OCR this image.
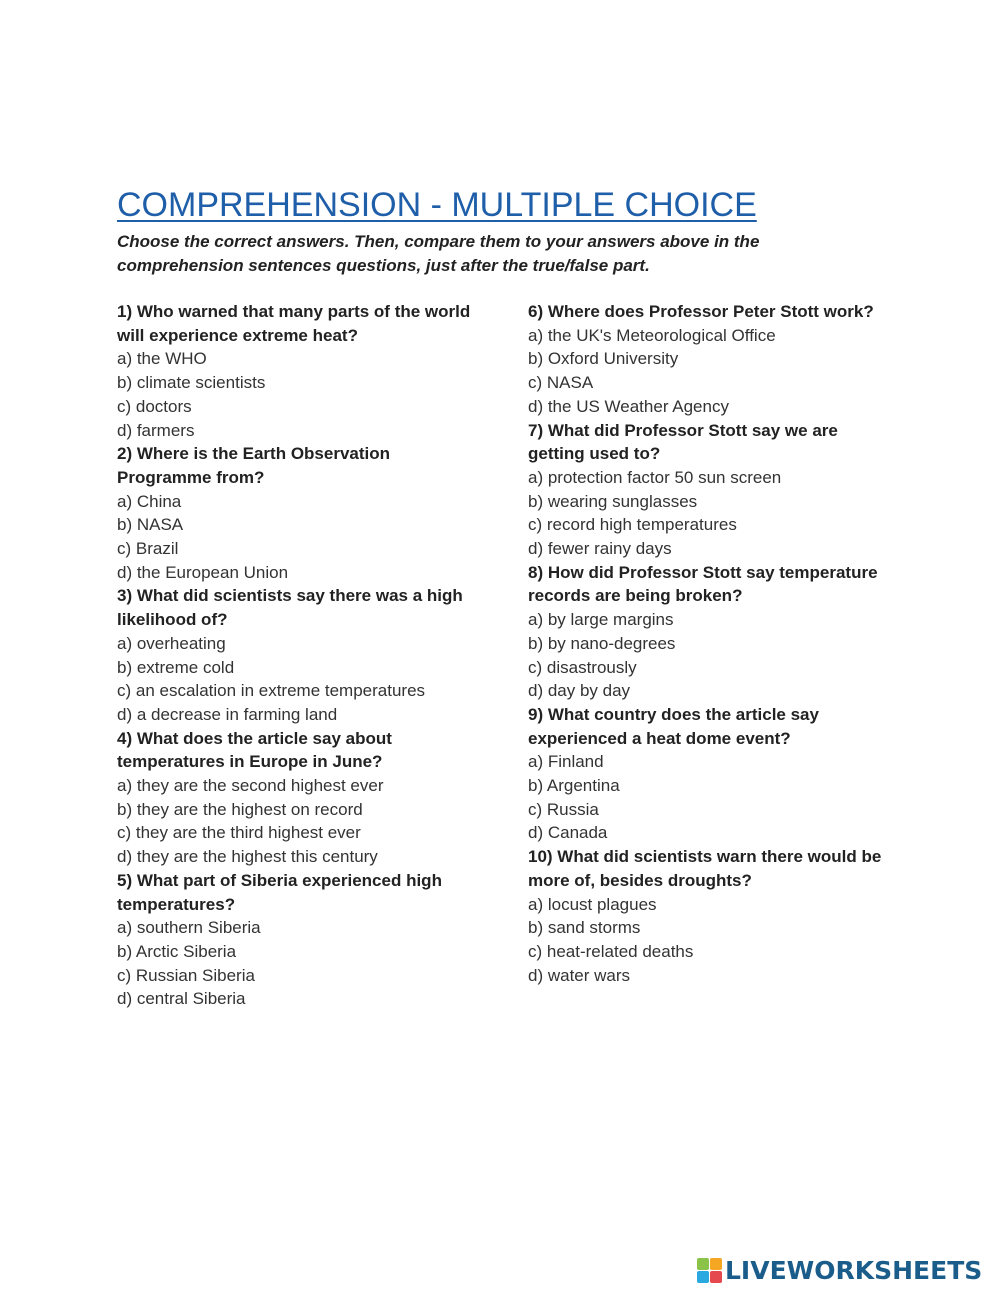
COMPREHENSION - MULTIPLE CHOICE

Choose the correct answers. Then, compare them to your answers above in the comprehension sentences questions, just after the true/false part.

1) Who warned that many parts of the world will experience extreme heat?

a) the WHO

b) climate scientists

c) doctors

d) farmers

2) Where is the Earth Observation Programme from?

a) China

b) NASA

c) Brazil

d) the European Union

3) What did scientists say there was a high likelihood of?

a) overheating

b) extreme cold

c) an escalation in extreme temperatures

d) a decrease in farming land

4) What does the article say about temperatures in Europe in June?

a) they are the second highest ever

b) they are the highest on record

c) they are the third highest ever

d) they are the highest this century

5) What part of Siberia experienced high temperatures?

a) southern Siberia

b) Arctic Siberia

c) Russian Siberia

d) central Siberia

6) Where does Professor Peter Stott work?

a) the UK's Meteorological Office

b) Oxford University

c) NASA

d) the US Weather Agency

7) What did Professor Stott say we are getting used to?

a) protection factor 50 sun screen

b) wearing sunglasses

c) record high temperatures

d) fewer rainy days

8) How did Professor Stott say temperature records are being broken?

a) by large margins

b) by nano-degrees

c) disastrously

d) day by day

9) What country does the article say experienced a heat dome event?

a) Finland

b) Argentina

c) Russia

d) Canada

10) What did scientists warn there would be more of, besides droughts?

a) locust plagues

b) sand storms

c) heat-related deaths

d) water wars

LIVEWORKSHEETS
